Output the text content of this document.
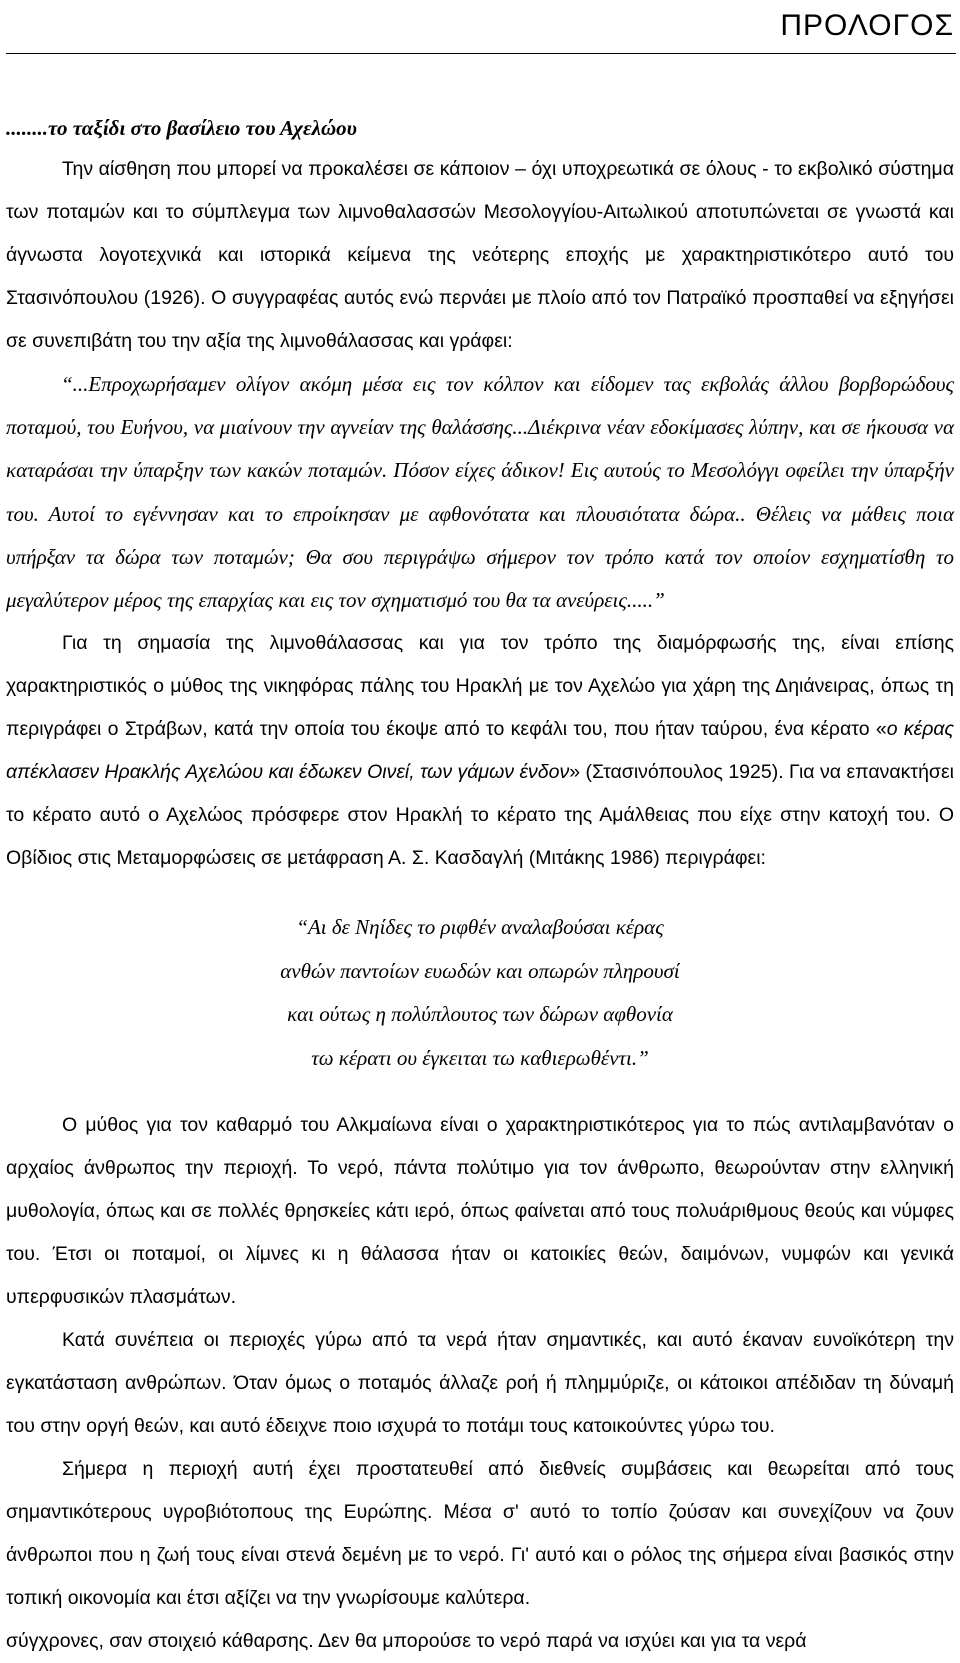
ΠΡΟΛΟΓΟΣ

........το ταξίδι στο βασίλειο του Αχελώου

Την αίσθηση που μπορεί να προκαλέσει σε κάποιον – όχι υποχρεωτικά σε όλους - το εκβολικό σύστημα των ποταμών και το σύμπλεγμα των λιμνοθαλασσών Μεσολογγίου-Αιτωλικού αποτυπώνεται σε γνωστά και άγνωστα λογοτεχνικά και ιστορικά κείμενα της νεότερης εποχής με χαρακτηριστικότερο αυτό του Στασινόπουλου (1926). Ο συγγραφέας αυτός ενώ περνάει με πλοίο από τον Πατραϊκό προσπαθεί να εξηγήσει σε συνεπιβάτη του την αξία της λιμνοθάλασσας και γράφει:

“...Επροχωρήσαμεν ολίγον ακόμη μέσα εις τον κόλπον και είδομεν τας εκβολάς άλλου βορβορώδους ποταμού, του Ευήνου, να μιαίνουν την αγνείαν της θαλάσσης...Διέκρινα νέαν εδοκίμασες λύπην, και σε ήκουσα να καταράσαι την ύπαρξην των κακών ποταμών. Πόσον είχες άδικον! Εις αυτούς το Μεσολόγγι οφείλει την ύπαρξήν του. Αυτοί το εγέννησαν και το επροίκησαν με αφθονότατα και πλουσιότατα δώρα.. Θέλεις να μάθεις ποια υπήρξαν τα δώρα των ποταμών; Θα σου περιγράψω σήμερον τον τρόπο κατά τον οποίον εσχηματίσθη το μεγαλύτερον μέρος της επαρχίας και εις τον σχηματισμό του θα τα ανεύρεις.....”

Για τη σημασία της λιμνοθάλασσας και για τον τρόπο της διαμόρφωσής της, είναι επίσης χαρακτηριστικός ο μύθος της νικηφόρας πάλης του Ηρακλή με τον Αχελώο για χάρη της Δηιάνειρας, όπως τη περιγράφει ο Στράβων, κατά την οποία του έκοψε από το κεφάλι του, που ήταν ταύρου, ένα κέρατο «ο κέρας απέκλασεν Ηρακλής Αχελώου και έδωκεν Οινεί, των γάμων ένδον» (Στασινόπουλος 1925). Για να επανακτήσει το κέρατο αυτό ο Αχελώος πρόσφερε στον Ηρακλή το κέρατο της Αμάλθειας που είχε στην κατοχή του. Ο Οβίδιος στις Μεταμορφώσεις σε μετάφραση Α. Σ. Κασδαγλή (Μιτάκης 1986) περιγράφει:

“Αι δε Νηίδες το ριφθέν αναλαβούσαι κέρας
ανθών παντοίων ευωδών και οπωρών πληρουσί
και ούτως η πολύπλουτος των δώρων αφθονία
τω κέρατι ου έγκειται τω καθιερωθέντι.”

Ο μύθος για τον καθαρμό του Αλκμαίωνα είναι ο χαρακτηριστικότερος για το πώς αντιλαμβανόταν ο αρχαίος άνθρωπος την περιοχή. Το νερό, πάντα πολύτιμο για τον άνθρωπο, θεωρούνταν στην ελληνική μυθολογία, όπως και σε πολλές θρησκείες κάτι ιερό, όπως φαίνεται από τους πολυάριθμους θεούς και νύμφες του. Έτσι οι ποταμοί, οι λίμνες κι η θάλασσα ήταν οι κατοικίες θεών, δαιμόνων, νυμφών και γενικά υπερφυσικών πλασμάτων.

Κατά συνέπεια οι περιοχές γύρω από τα νερά ήταν σημαντικές, και αυτό έκαναν ευνοϊκότερη την εγκατάσταση ανθρώπων. Όταν όμως ο ποταμός άλλαζε ροή ή πλημμύριζε, οι κάτοικοι απέδιδαν τη δύναμή του στην οργή θεών, και αυτό έδειχνε ποιο ισχυρά το ποτάμι τους κατοικούντες γύρω του.

Σήμερα η περιοχή αυτή έχει προστατευθεί από διεθνείς συμβάσεις και θεωρείται από τους σημαντικότερους υγροβιότοπους της Ευρώπης. Μέσα σ' αυτό το τοπίο ζούσαν και συνεχίζουν να ζουν άνθρωποι που η ζωή τους είναι στενά δεμένη με το νερό. Γι' αυτό και ο ρόλος της σήμερα είναι βασικός στην τοπική οικονομία και έτσι αξίζει να την γνωρίσουμε καλύτερα.

σύγχρονες, σαν στοιχειό κάθαρσης. Δεν θα μπορούσε το νερό παρά να ισχύει και για τα νερά
